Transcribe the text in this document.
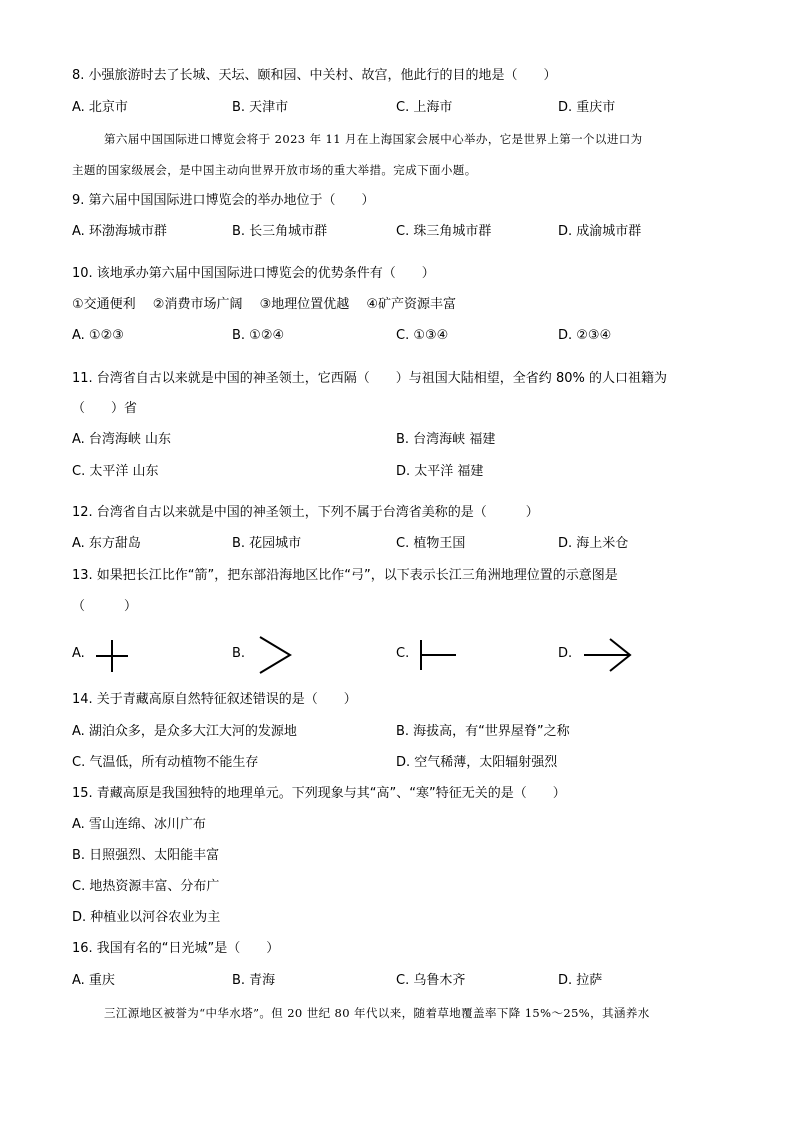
8. 小强旅游时去了长城、天坛、颐和园、中关村、故宫，他此行的目的地是（　　）
A. 北京市	B. 天津市	C. 上海市	D. 重庆市
第六届中国国际进口博览会将于 2023 年 11 月在上海国家会展中心举办，它是世界上第一个以进口为
主题的国家级展会，是中国主动向世界开放市场的重大举措。完成下面小题。
9. 第六届中国国际进口博览会的举办地位于（　　）
A. 环渤海城市群	B. 长三角城市群	C. 珠三角城市群	D. 成渝城市群
10. 该地承办第六届中国国际进口博览会的优势条件有（　　）
①交通便利　 ②消费市场广阔　 ③地理位置优越　 ④矿产资源丰富
A. ①②③	B. ①②④	C. ①③④	D. ②③④
11. 台湾省自古以来就是中国的神圣领土，它西隔（　　）与祖国大陆相望，全省约 80% 的人口祖籍为
（　　）省
A. 台湾海峡 山东	B. 台湾海峡 福建
C. 太平洋 山东	D. 太平洋 福建
12. 台湾省自古以来就是中国的神圣领土，下列不属于台湾省美称的是（　　　）
A. 东方甜岛	B. 花园城市	C. 植物王国	D. 海上米仓
13. 如果把长江比作“箭”，把东部沿海地区比作“弓”，以下表示长江三角洲地理位置的示意图是
（　　　）
A.	B.	C.	D.
14. 关于青藏高原自然特征叙述错误的是（　　）
A. 湖泊众多，是众多大江大河的发源地	B. 海拔高，有“世界屋脊”之称
C. 气温低，所有动植物不能生存	D. 空气稀薄，太阳辐射强烈
15. 青藏高原是我国独特的地理单元。下列现象与其“高”、“寒”特征无关的是（　　）
A. 雪山连绵、冰川广布
B. 日照强烈、太阳能丰富
C. 地热资源丰富、分布广
D. 种植业以河谷农业为主
16. 我国有名的“日光城”是（　　）
A. 重庆	B. 青海	C. 乌鲁木齐	D. 拉萨
三江源地区被誉为“中华水塔”。但 20 世纪 80 年代以来，随着草地覆盖率下降 15%～25%，其涵养水
